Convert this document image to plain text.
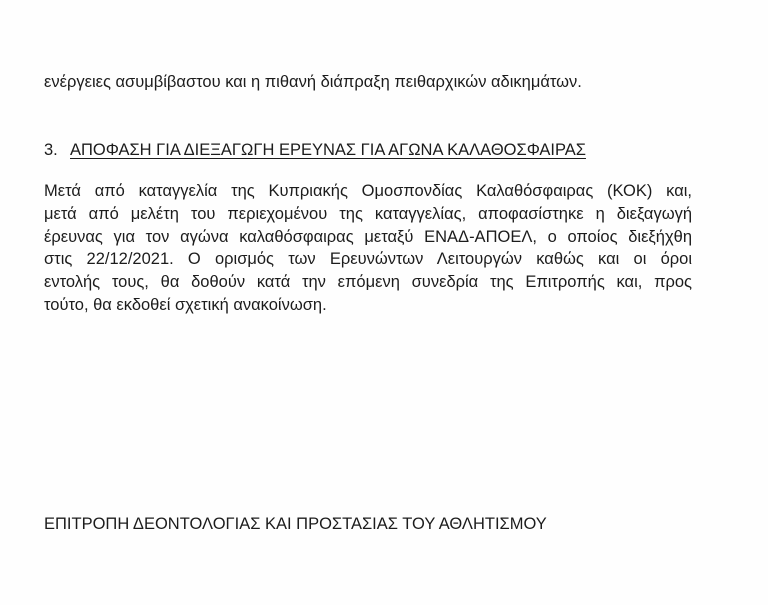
ενέργειες ασυμβίβαστου και η πιθανή διάπραξη πειθαρχικών αδικημάτων.
3. ΑΠΟΦΑΣΗ ΓΙΑ ΔΙΕΞΑΓΩΓΗ ΕΡΕΥΝΑΣ ΓΙΑ ΑΓΩΝΑ ΚΑΛΑΘΟΣΦΑΙΡΑΣ
Μετά από καταγγελία της Κυπριακής Ομοσπονδίας Καλαθόσφαιρας (ΚΟΚ) και,
μετά από μελέτη του περιεχομένου της καταγγελίας, αποφασίστηκε η διεξαγωγή
έρευνας για τον αγώνα καλαθόσφαιρας μεταξύ ΕΝΑΔ-ΑΠΟΕΛ, ο οποίος διεξήχθη
στις 22/12/2021. Ο ορισμός των Ερευνώντων Λειτουργών καθώς και οι όροι
εντολής τους, θα δοθούν κατά την επόμενη συνεδρία της Επιτροπής και, προς
τούτο, θα εκδοθεί σχετική ανακοίνωση.
ΕΠΙΤΡΟΠΗ ΔΕΟΝΤΟΛΟΓΙΑΣ ΚΑΙ ΠΡΟΣΤΑΣΙΑΣ ΤΟΥ ΑΘΛΗΤΙΣΜΟΥ
